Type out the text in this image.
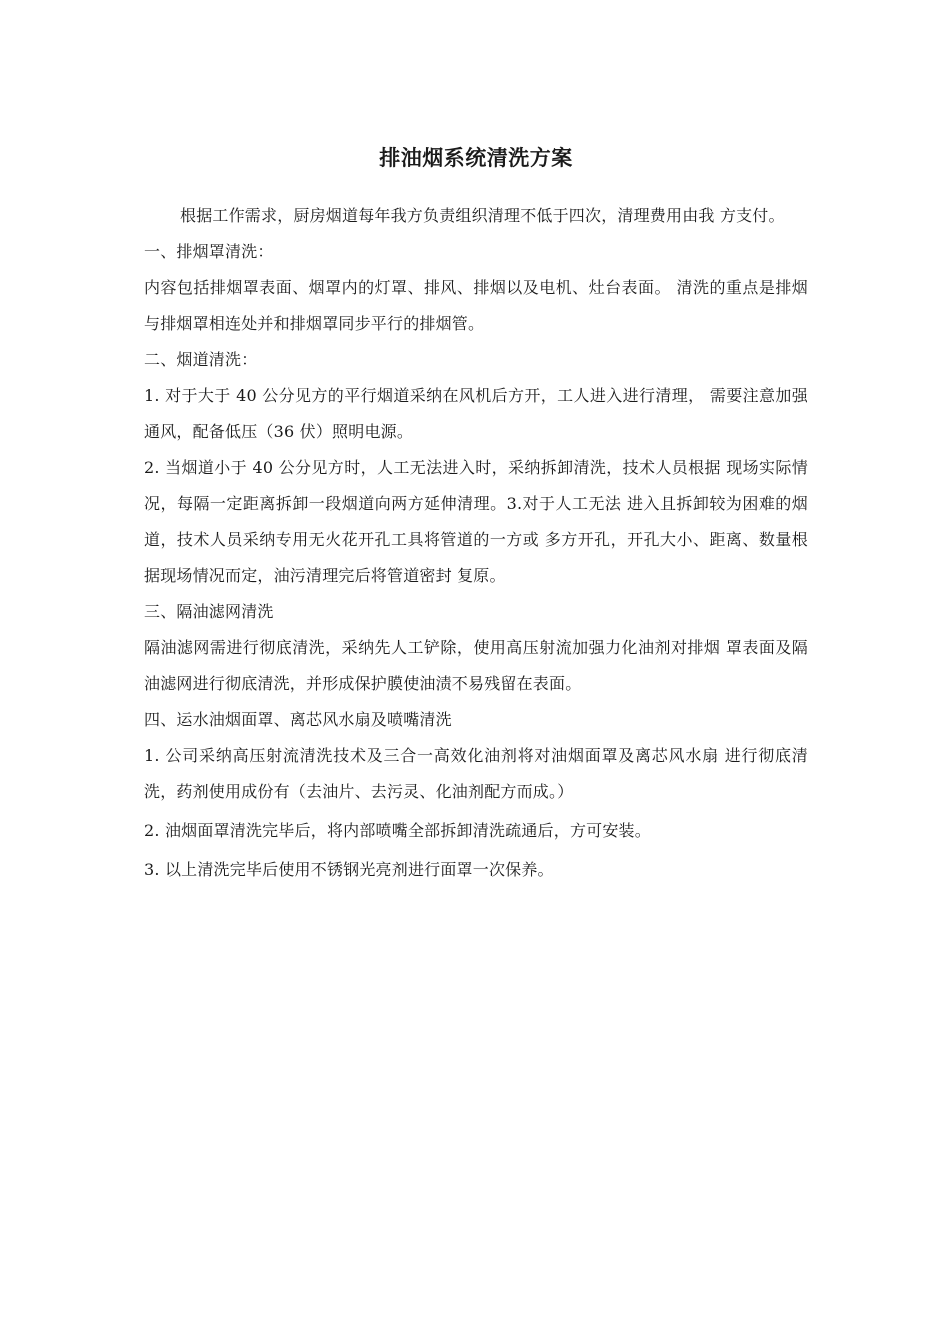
排油烟系统清洗方案

根据工作需求，厨房烟道每年我方负责组织清理不低于四次，清理费用由我 方支付。

一、排烟罩清洗：

内容包括排烟罩表面、烟罩内的灯罩、排风、排烟以及电机、灶台表面。 清洗的重点是排烟与排烟罩相连处并和排烟罩同步平行的排烟管。

二、烟道清洗：

1. 对于大于 40 公分见方的平行烟道采纳在风机后方开，工人进入进行清理， 需要注意加强通风，配备低压（36 伏）照明电源。

2. 当烟道小于 40 公分见方时，人工无法进入时，采纳拆卸清洗，技术人员根据 现场实际情况，每隔一定距离拆卸一段烟道向两方延伸清理。3.对于人工无法 进入且拆卸较为困难的烟道，技术人员采纳专用无火花开孔工具将管道的一方或 多方开孔，开孔大小、距离、数量根据现场情况而定，油污清理完后将管道密封 复原。

三、隔油滤网清洗

隔油滤网需进行彻底清洗，采纳先人工铲除，使用高压射流加强力化油剂对排烟 罩表面及隔油滤网进行彻底清洗，并形成保护膜使油渍不易残留在表面。

四、运水油烟面罩、离芯风水扇及喷嘴清洗

1. 公司采纳高压射流清洗技术及三合一高效化油剂将对油烟面罩及离芯风水扇 进行彻底清洗，药剂使用成份有（去油片、去污灵、化油剂配方而成。）

2. 油烟面罩清洗完毕后，将内部喷嘴全部拆卸清洗疏通后，方可安装。

3. 以上清洗完毕后使用不锈钢光亮剂进行面罩一次保养。
